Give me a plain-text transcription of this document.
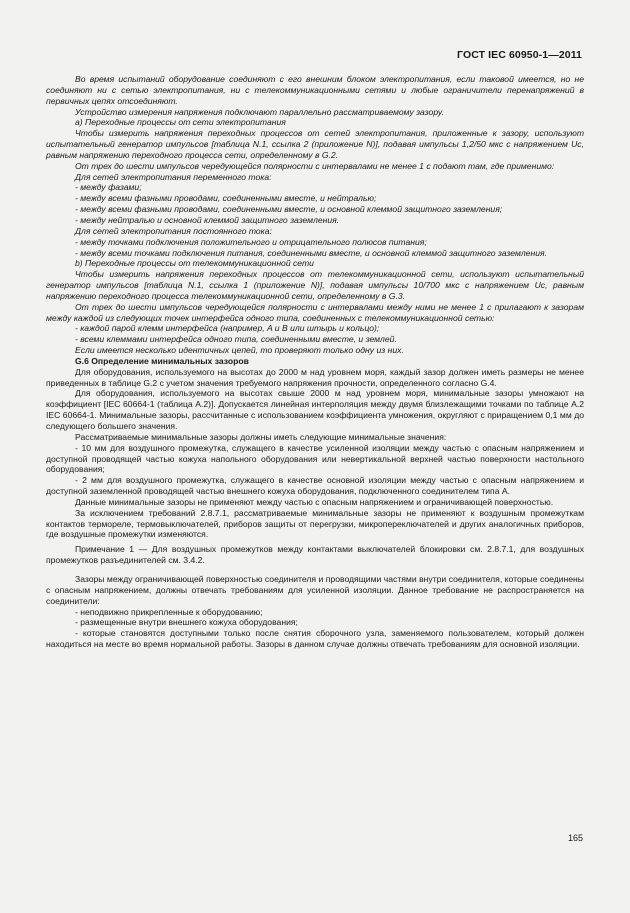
ГОСТ IEC 60950-1—2011

Во время испытаний оборудование соединяют с его внешним блоком электропитания, если таковой имеется, но не соединяют ни с сетью электропитания, ни с телекоммуникационными сетями и любые ограничители перенапряжений в первичных цепях отсоединяют.

Устройство измерения напряжения подключают параллельно рассматриваемому зазору.

а) Переходные процессы от сети электропитания

Чтобы измерить напряжения переходных процессов от сетей электропитания, приложенные к зазору, используют испытательный генератор импульсов [таблица N.1, ссылка 2 (приложение N)], подавая импульсы 1,2/50 мкс с напряжением Uc, равным напряжению переходного процесса сети, определенному в G.2.

От трех до шести импульсов чередующейся полярности с интервалами не менее 1 с подают там, где применимо:

Для сетей электропитания переменного тока:

- между фазами;

- между всеми фазными проводами, соединенными вместе, и нейтралью;

- между всеми фазными проводами, соединенными вместе, и основной клеммой защитного заземления;

- между нейтралью и основной клеммой защитного заземления.

Для сетей электропитания постоянного тока:

- между точками подключения положительного и отрицательного полюсов питания;

- между всеми точками подключения питания, соединенными вместе, и основной клеммой защитного заземления.

b) Переходные процессы от телекоммуникационной сети

Чтобы измерить напряжения переходных процессов от телекоммуникационной сети, используют испытательный генератор импульсов [таблица N.1, ссылка 1 (приложение N)], подавая импульсы 10/700 мкс с напряжением Uc, равным напряжению переходного процесса телекоммуникационной сети, определенному в G.3.

От трех до шести импульсов чередующейся полярности с интервалами между ними не менее 1 с прилагают к зазорам между каждой из следующих точек интерфейса одного типа, соединенных с телекоммуникационной сетью:

- каждой парой клемм интерфейса (например, A и B или штырь и кольцо);

- всеми клеммами интерфейса одного типа, соединенными вместе, и землей.

Если имеется несколько идентичных цепей, то проверяют только одну из них.

G.6 Определение минимальных зазоров

Для оборудования, используемого на высотах до 2000 м над уровнем моря, каждый зазор должен иметь размеры не менее приведенных в таблице G.2 с учетом значения требуемого напряжения прочности, определенного согласно G.4.

Для оборудования, используемого на высотах свыше 2000 м над уровнем моря, минимальные зазоры умножают на коэффициент [IEC 60664-1 (таблица A.2)]. Допускается линейная интерполяция между двумя близлежащими точками по таблице A.2 IEC 60664-1. Минимальные зазоры, рассчитанные с использованием коэффициента умножения, округляют с приращением 0,1 мм до следующего большего значения.

Рассматриваемые минимальные зазоры должны иметь следующие минимальные значения:

- 10 мм для воздушного промежутка, служащего в качестве усиленной изоляции между частью с опасным напряжением и доступной проводящей частью кожуха напольного оборудования или невертикальной верхней частью поверхности настольного оборудования;

- 2 мм для воздушного промежутка, служащего в качестве основной изоляции между частью с опасным напряжением и доступной заземленной проводящей частью внешнего кожуха оборудования, подключенного соединителем типа A.

Данные минимальные зазоры не применяют между частью с опасным напряжением и ограничивающей поверхностью.

За исключением требований 2.8.7.1, рассматриваемые минимальные зазоры не применяют к воздушным промежуткам контактов терморелe, термовыключателей, приборов защиты от перегрузки, микропереключателей и других аналогичных приборов, где воздушные промежутки изменяются.

Примечание 1 — Для воздушных промежутков между контактами выключателей блокировки см. 2.8.7.1, для воздушных промежутков разъединителей см. 3.4.2.

Зазоры между ограничивающей поверхностью соединителя и проводящими частями внутри соединителя, которые соединены с опасным напряжением, должны отвечать требованиям для усиленной изоляции. Данное требование не распространяется на соединители:

- неподвижно прикрепленные к оборудованию;

- размещенные внутри внешнего кожуха оборудования;

- которые становятся доступными только после снятия сборочного узла, заменяемого пользователем, который должен находиться на месте во время нормальной работы. Зазоры в данном случае должны отвечать требованиям для основной изоляции.

165
